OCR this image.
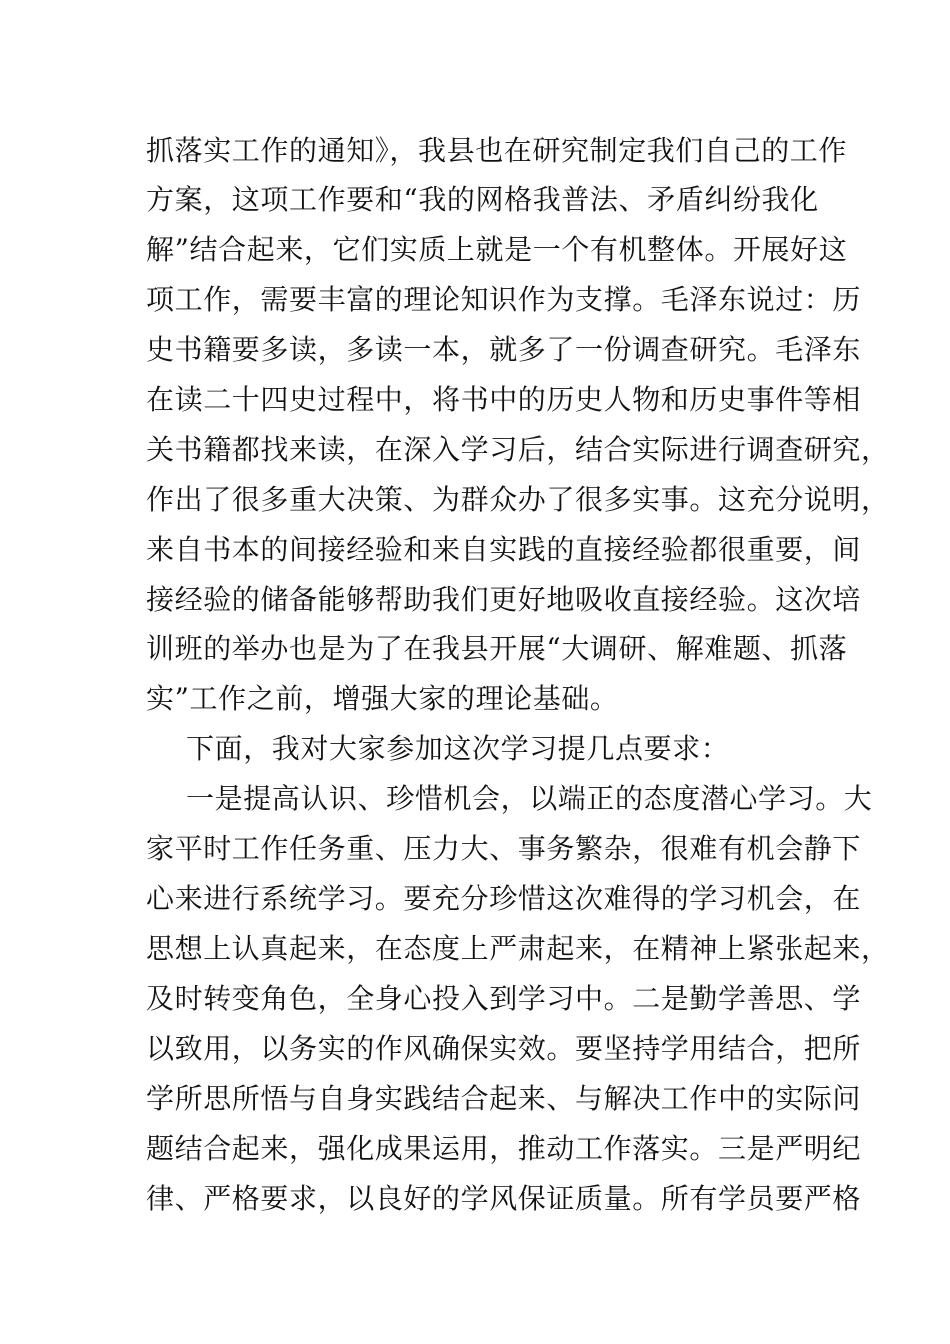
抓落实工作的通知》，我县也在研究制定我们自己的工作
方案，这项工作要和“我的网格我普法、矛盾纠纷我化
解”结合起来，它们实质上就是一个有机整体。开展好这
项工作，需要丰富的理论知识作为支撑。毛泽东说过：历
史书籍要多读，多读一本，就多了一份调查研究。毛泽东
在读二十四史过程中，将书中的历史人物和历史事件等相
关书籍都找来读，在深入学习后，结合实际进行调查研究，
作出了很多重大决策、为群众办了很多实事。这充分说明，
来自书本的间接经验和来自实践的直接经验都很重要，间
接经验的储备能够帮助我们更好地吸收直接经验。这次培
训班的举办也是为了在我县开展“大调研、解难题、抓落
实”工作之前，增强大家的理论基础。
下面，我对大家参加这次学习提几点要求：
一是提高认识、珍惜机会，以端正的态度潜心学习。大
家平时工作任务重、压力大、事务繁杂，很难有机会静下
心来进行系统学习。要充分珍惜这次难得的学习机会，在
思想上认真起来，在态度上严肃起来，在精神上紧张起来，
及时转变角色，全身心投入到学习中。二是勤学善思、学
以致用，以务实的作风确保实效。要坚持学用结合，把所
学所思所悟与自身实践结合起来、与解决工作中的实际问
题结合起来，强化成果运用，推动工作落实。三是严明纪
律、严格要求，以良好的学风保证质量。所有学员要严格
